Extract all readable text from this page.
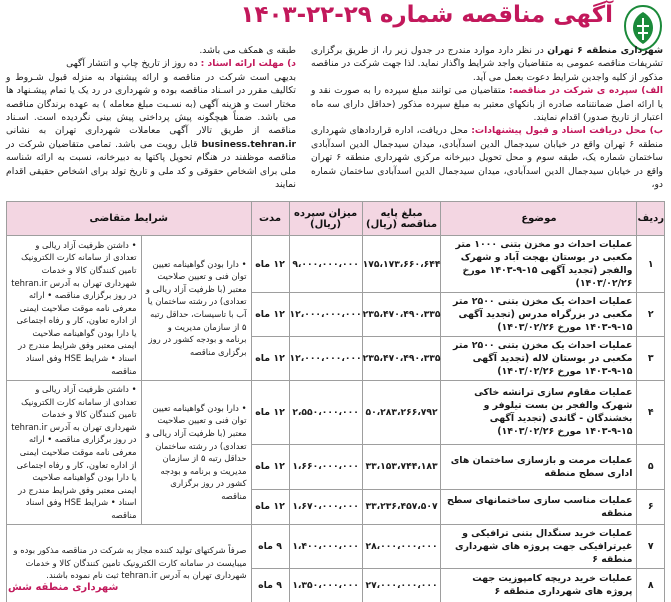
آگهی مناقصه شماره ۲۹-۲۲-۱۴۰۳

شهرداری منطقه ۶ تهران در نظر دارد موارد مندرج در جدول زیر را، از طریق برگزاری تشریفات مناقصه عمومی به متقاضیان واجد شرایط واگذار نماید. لذا جهت شرکت در مناقصه مذکور از کلیه واجدین شرایط دعوت بعمل می آید.

الف) سپرده ی شرکت در مناقصه: متقاضیان می توانند مبلغ سپرده را به صورت نقد و یا ارائه اصل ضمانتنامه صادره از بانکهای معتبر به مبلغ سپرده مذکور (حداقل دارای سه ماه اعتبار از تاریخ صدور) اقدام نمایند.

ب) محل دریافت اسناد و قبول پیشنهادات: محل دریافت، اداره قراردادهای شهرداری منطقه ۶ تهران واقع در خیابان سیدجمال الدین اسدآبادی، میدان سیدجمال الدین اسدآبادی ساختمان شماره یک، طبقه سوم و محل تحویل دبیرخانه مرکزی شهرداری منطقه ۶ تهران واقع در خیابان سیدجمال الدین اسدآبادی، میدان سیدجمال الدین اسدآبادی ساختمان شماره دو،

طبقه ی همکف می باشد.

د) مهلت ارائه اسناد : ده روز از تاریخ چاپ و انتشار آگهی

بدیهی است شرکت در مناقصه و ارائه پیشنهاد به منزله قبول شـروط و تکالیف مقرر در اسـناد مناقصه بوده و شهرداری در رد یک یا تمام پیشـنهاد ها مختار است و هزینه آگهی (به نسـبت مبلغ معامله ) به عهده برندگان مناقصه می باشد. ضمناً هیچگونه پیش پرداختی پیش بینی نگردیده است. اسـناد مناقصه از طریق تالار آگهی معاملات شهرداری تهران به نشانی business.tehran.ir قابل رویت می باشد. تمامی متقاضیان شرکت در مناقصه موظفند در هنگام تحویل پاکتها به دبیرخانه، نسبت به ارائه شناسه ملی برای اشخاص حقوقی و کد ملی و تاریخ تولد برای اشخاص حقیقی اقدام نمایند

ردیف	موضوع	مبلغ پایه مناقصه (ریال)	میزان سپرده (ریال)	مدت	شرایط متقاضی	
۱	عملیات احداث دو مخزن بتنی ۱۰۰۰ متر مکعبی در بوستان بهجت آباد و شهرک والفجر (تجدید آگهی ۱۵-۹-۱۴۰۳ مورخ ۱۴۰۳/۰۲/۲۶)	۱۷۵،۱۷۳،۶۶۰،۶۴۴	۹،۰۰۰،۰۰۰،۰۰۰	۱۲ ماه	• دارا بودن گواهینامه تعیین توان فنی و تعیین صلاحیت معتبر (با ظرفیت آزاد ریالی و تعدادی) در رشته ساختمان یا آب با تاسیسات، حداقل رتبه ۵ از سازمان مدیریت و برنامه و بودجه کشور در روز برگزاری مناقصه	• داشتن ظرفیت آزاد ریالی و تعدادی از سامانه کارت الکترونیک تامین کنندگان کالا و خدمات شهرداری تهران به آدرس tehran.ir در روز برگزاری مناقصه • ارائه معرفی نامه موقت صلاحیت ایمنی از اداره تعاون، کار و رفاه اجتماعی یا دارا بودن گواهینامه صلاحیت ایمنی معتبر وفق شرایط مندرج در اسناد • شرایط HSE وفق اسناد مناقصه
۲	عملیات احداث یک مخزن بتنی ۲۵۰۰ متر مکعبی در بزرگراه مدرس (تجدید آگهی ۱۵-۹-۱۴۰۳ مورخ ۱۴۰۳/۰۲/۲۶)	۲۳۵،۴۷۰،۴۹۰،۳۳۵	۱۲،۰۰۰،۰۰۰،۰۰۰	۱۲ ماه		
۳	عملیات احداث یک مخزن بتنی ۲۵۰۰ متر مکعبی در بوستان لاله (تجدید آگهی ۱۵-۹-۱۴۰۳ مورخ ۱۴۰۳/۰۲/۲۶)	۲۳۵،۴۷۰،۴۹۰،۳۳۵	۱۲،۰۰۰،۰۰۰،۰۰۰	۱۲ ماه		
۴	عملیات مقاوم سازی ترانشه خاکی شهرک والفجر بن بست تیلوفر و بخشندگان - گاندی (تجدید آگهی ۱۵-۹-۱۴۰۳ مورخ ۱۴۰۳/۰۲/۲۶)	۵۰،۲۸۳،۲۶۶،۷۹۲	۲،۵۵۰،۰۰۰،۰۰۰	۱۲ ماه	• دارا بودن گواهینامه تعیین توان فنی و تعیین صلاحیت معتبر (با ظرفیت آزاد ریالی و تعدادی) در رشته ساختمان حداقل رتبه ۵ از سازمان مدیریت و برنامه و بودجه کشور در روز برگزاری مناقصه	• داشتن ظرفیت آزاد ریالی و تعدادی از سامانه کارت الکترونیک تامین کنندگان کالا و خدمات شهرداری تهران به آدرس tehran.ir در روز برگزاری مناقصه • ارائه معرفی نامه موقت صلاحیت ایمنی از اداره تعاون، کار و رفاه اجتماعی یا دارا بودن گواهینامه صلاحیت ایمنی معتبر وفق شرایط مندرج در اسناد • شرایط HSE وفق اسناد مناقصه
۵	عملیات مرمت و بازسازی ساختمان های اداری سطح منطقه	۳۳،۱۵۳،۷۴۴،۱۸۳	۱،۶۶۰،۰۰۰،۰۰۰	۱۲ ماه		
۶	عملیات مناسب سازی ساختمانهای سطح منطقه	۳۳،۲۳۶،۴۵۷،۵۰۷	۱،۶۷۰،۰۰۰،۰۰۰	۱۲ ماه		
۷	عملیات خرید سنگدال بتنی ترافیکی و غیرترافیکی جهت پروژه های شهرداری منطقه ۶	۲۸،۰۰۰،۰۰۰،۰۰۰	۱،۴۰۰،۰۰۰،۰۰۰	۹ ماه	صرفاً شرکتهای تولید کننده مجاز به شرکت در مناقصه مذکور بوده و میبایست در سامانه کارت الکترونیک تامین کنندگان کالا و خدمات شهرداری تهران به آدرس tehran.ir ثبت نام نموده باشند.	
۸	عملیات خرید دریچه کامپوزیت جهت پروژه های شهرداری منطقه ۶	۲۷،۰۰۰،۰۰۰،۰۰۰	۱،۳۵۰،۰۰۰،۰۰۰	۹ ماه		
شهرداری منطقه شش
